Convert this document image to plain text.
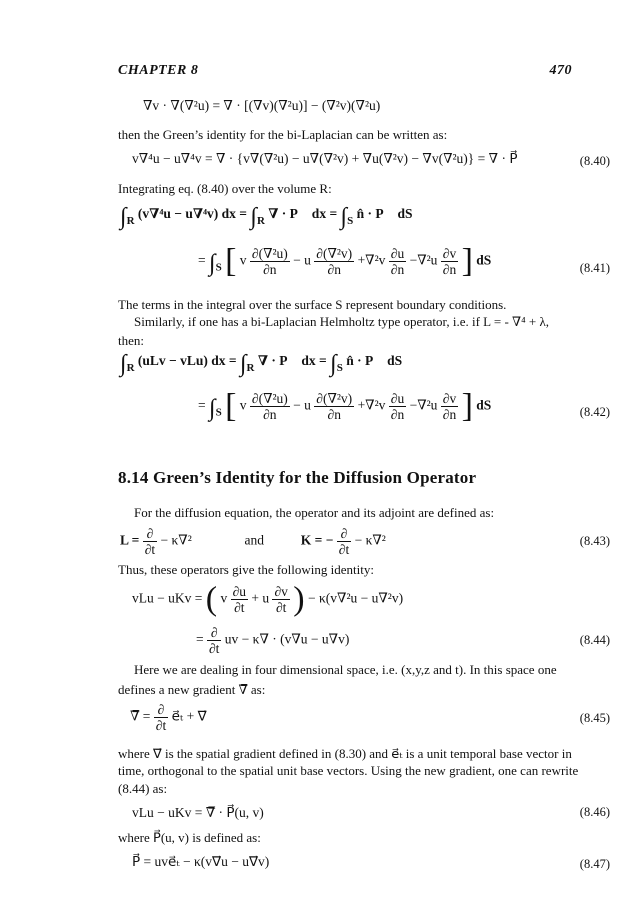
CHAPTER 8	470
∇v · ∇(∇²u) = ∇ · [(∇v)(∇²u)] − (∇²v)(∇²u)
then the Green’s identity for the bi-Laplacian can be written as:
v∇⁴u − u∇⁴v = ∇ · {v∇(∇²u) − u∇(∇²v) + ∇u(∇²v) − ∇v(∇²u)} = ∇ · P⃗	(8.40)
Integrating eq. (8.40) over the volume R:
$\int_R$ (v∇⁴u − u∇⁴v) dx = $\int_R$ ∇ · P⃗ dx = $\int_S$ n̂ · P⃗ dS
= $\int_S$ [ v $\frac{\text{∂(∇²u)}}{\partial n} - u \frac{\text{∂(∇²v)}}{\partial n} +\nabla^2v \frac{\partial u}{\partial n} -\nabla^2u \frac{\partial v}{\partial n}$ ] dS
(8.41)
The terms in the integral over the surface S represent boundary conditions.
Similarly, if one has a bi-Laplacian Helmholtz type operator, i.e. if L = - ∇⁴ + λ,
then:
$\int_R$ (uLv − vLu) dx = $\int_R$ ∇ · P⃗ dx = $\int_S$ n̂ · P⃗ dS
= $\int_S$ [ v $\frac{\text{∂(∇²u)}}{\partial n} - u \frac{\text{∂(∇²v)}}{\partial n} +\nabla^2v \frac{\partial u}{\partial n} -\nabla^2u \frac{\partial v}{\partial n}$ ] dS	(8.42)
8.14 Green’s Identity for the Diffusion Operator
For the diffusion equation, the operator and its adjoint are defined as:
$L = \frac{\partial}{\partial t} - \kappa\nabla^2$	and	K = − $\frac{\partial}{\partial t} - \kappa\nabla^2$	(8.43)
Thus, these operators give the following identity:
vLu − uKv = ( v $\frac{\partial u}{\partial t} + u \frac{\partial v}{\partial t}$ ) − κ(v∇²u − u∇²v)
= $\frac{\partial}{\partial t}$ uv − κ∇ · (v∇u − u∇v)	(8.44)
Here we are dealing in four dimensional space, i.e. (x,y,z and t). In this space one
defines a new gradient ∇̿ as:
∇̿ = $\frac{\partial}{\partial t}$ e⃗ₜ + ∇⃗	(8.45)
where ∇⃗ is the spatial gradient defined in (8.30) and e⃗ₜ is a unit temporal base vector in
time, orthogonal to the spatial unit base vectors. Using the new gradient, one can rewrite
(8.44) as:
vLu − uKv = ∇̿ · P⃗(u, v)	(8.46)
where P⃗(u, v) is defined as:
P⃗ = uve⃗ₜ − κ(v∇⃗u − u∇⃗v)	(8.47)
